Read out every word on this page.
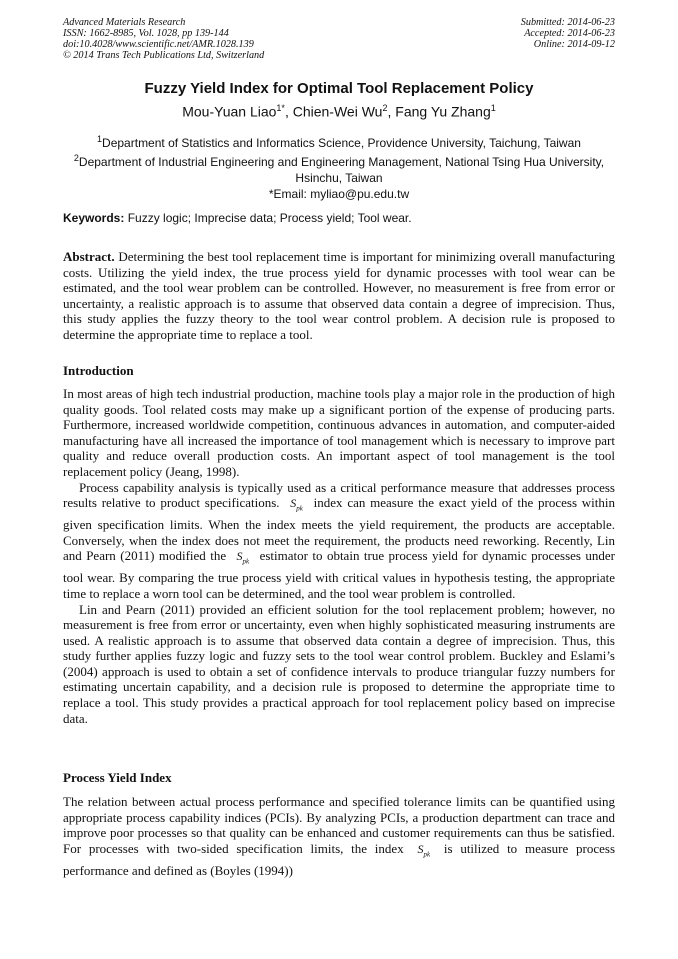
Advanced Materials Research
ISSN: 1662-8985, Vol. 1028, pp 139-144
doi:10.4028/www.scientific.net/AMR.1028.139
© 2014 Trans Tech Publications Ltd, Switzerland
Submitted: 2014-06-23
Accepted: 2014-06-23
Online: 2014-09-12
Fuzzy Yield Index for Optimal Tool Replacement Policy
Mou-Yuan Liao$^{1*}$, Chien-Wei Wu$^2$, Fang Yu Zhang$^1$
$^1$Department of Statistics and Informatics Science, Providence University, Taichung, Taiwan
$^2$Department of Industrial Engineering and Engineering Management, National Tsing Hua University, Hsinchu, Taiwan
*Email: myliao@pu.edu.tw
Keywords: Fuzzy logic; Imprecise data; Process yield; Tool wear.

Abstract. Determining the best tool replacement time is important for minimizing overall manufacturing costs. Utilizing the yield index, the true process yield for dynamic processes with tool wear can be estimated, and the tool wear problem can be controlled. However, no measurement is free from error or uncertainty, a realistic approach is to assume that observed data contain a degree of imprecision. Thus, this study applies the fuzzy theory to the tool wear control problem. A decision rule is proposed to determine the appropriate time to replace a tool.

Introduction

In most areas of high tech industrial production, machine tools play a major role in the production of high quality goods. Tool related costs may make up a significant portion of the expense of producing parts. Furthermore, increased worldwide competition, continuous advances in automation, and computer-aided manufacturing have all increased the importance of tool management which is necessary to improve part quality and reduce overall production costs. An important aspect of tool management is the tool replacement policy (Jeang, 1998).

Process capability analysis is typically used as a critical performance measure that addresses process results relative to product specifications. $S_{pk}$ index can measure the exact yield of the process within given specification limits. When the index meets the yield requirement, the products are acceptable. Conversely, when the index does not meet the requirement, the products need reworking. Recently, Lin and Pearn (2011) modified the $S_{pk}$ estimator to obtain true process yield for dynamic processes under tool wear. By comparing the true process yield with critical values in hypothesis testing, the appropriate time to replace a worn tool can be determined, and the tool wear problem is controlled.

Lin and Pearn (2011) provided an efficient solution for the tool replacement problem; however, no measurement is free from error or uncertainty, even when highly sophisticated measuring instruments are used. A realistic approach is to assume that observed data contain a degree of imprecision. Thus, this study further applies fuzzy logic and fuzzy sets to the tool wear control problem. Buckley and Eslami’s (2004) approach is used to obtain a set of confidence intervals to produce triangular fuzzy numbers for estimating uncertain capability, and a decision rule is proposed to determine the appropriate time to replace a tool. This study provides a practical approach for tool replacement policy based on imprecise data.

Process Yield Index

The relation between actual process performance and specified tolerance limits can be quantified using appropriate process capability indices (PCIs). By analyzing PCIs, a production department can trace and improve poor processes so that quality can be enhanced and customer requirements can thus be satisfied. For processes with two-sided specification limits, the index $S_{pk}$ is utilized to measure process performance and defined as (Boyles (1994))
